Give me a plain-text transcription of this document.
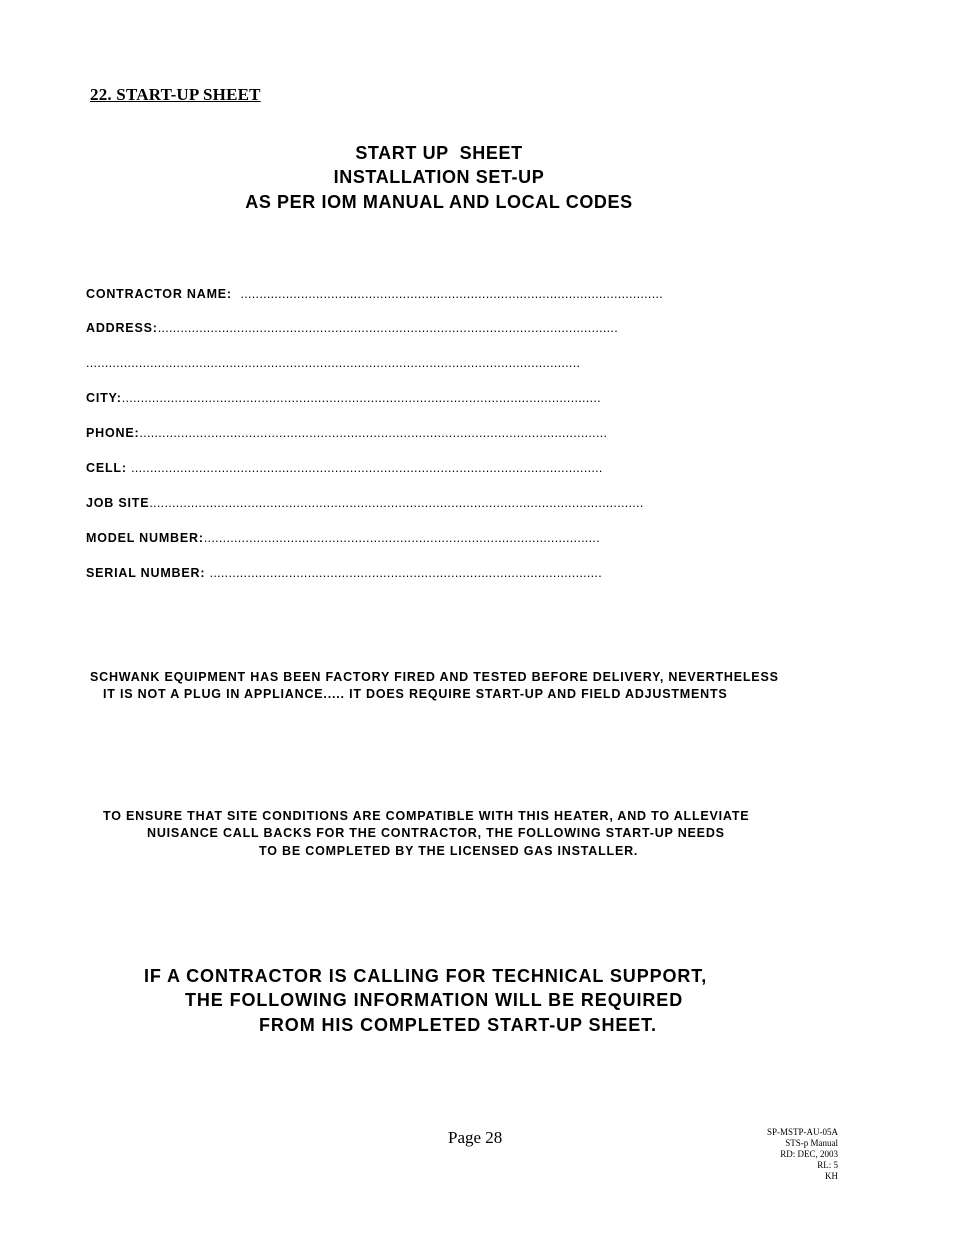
22. START-UP SHEET
START UP  SHEET
INSTALLATION SET-UP
AS PER IOM MANUAL AND LOCAL CODES
CONTRACTOR NAME:  ................................................................................................................
ADDRESS:..........................................................................................................................
...................................................................................................................................
CITY:...............................................................................................................................
PHONE:............................................................................................................................
CELL: .............................................................................................................................
JOB SITE...................................................................................................................................
MODEL NUMBER:.........................................................................................................
SERIAL NUMBER: ........................................................................................................
SCHWANK EQUIPMENT HAS BEEN FACTORY FIRED AND TESTED BEFORE DELIVERY, NEVERTHELESS
IT IS NOT A PLUG IN APPLIANCE..... IT DOES REQUIRE START-UP AND FIELD ADJUSTMENTS
TO ENSURE THAT SITE CONDITIONS ARE COMPATIBLE WITH THIS HEATER, AND TO ALLEVIATE
NUISANCE CALL BACKS FOR THE CONTRACTOR, THE FOLLOWING START-UP NEEDS
TO BE COMPLETED BY THE LICENSED GAS INSTALLER.
IF A CONTRACTOR IS CALLING FOR TECHNICAL SUPPORT,
THE FOLLOWING INFORMATION WILL BE REQUIRED
FROM HIS COMPLETED START-UP SHEET.
Page 28	SP-MSTP-AU-05A
STS-p Manual
RD: DEC, 2003
RL: 5
KH
